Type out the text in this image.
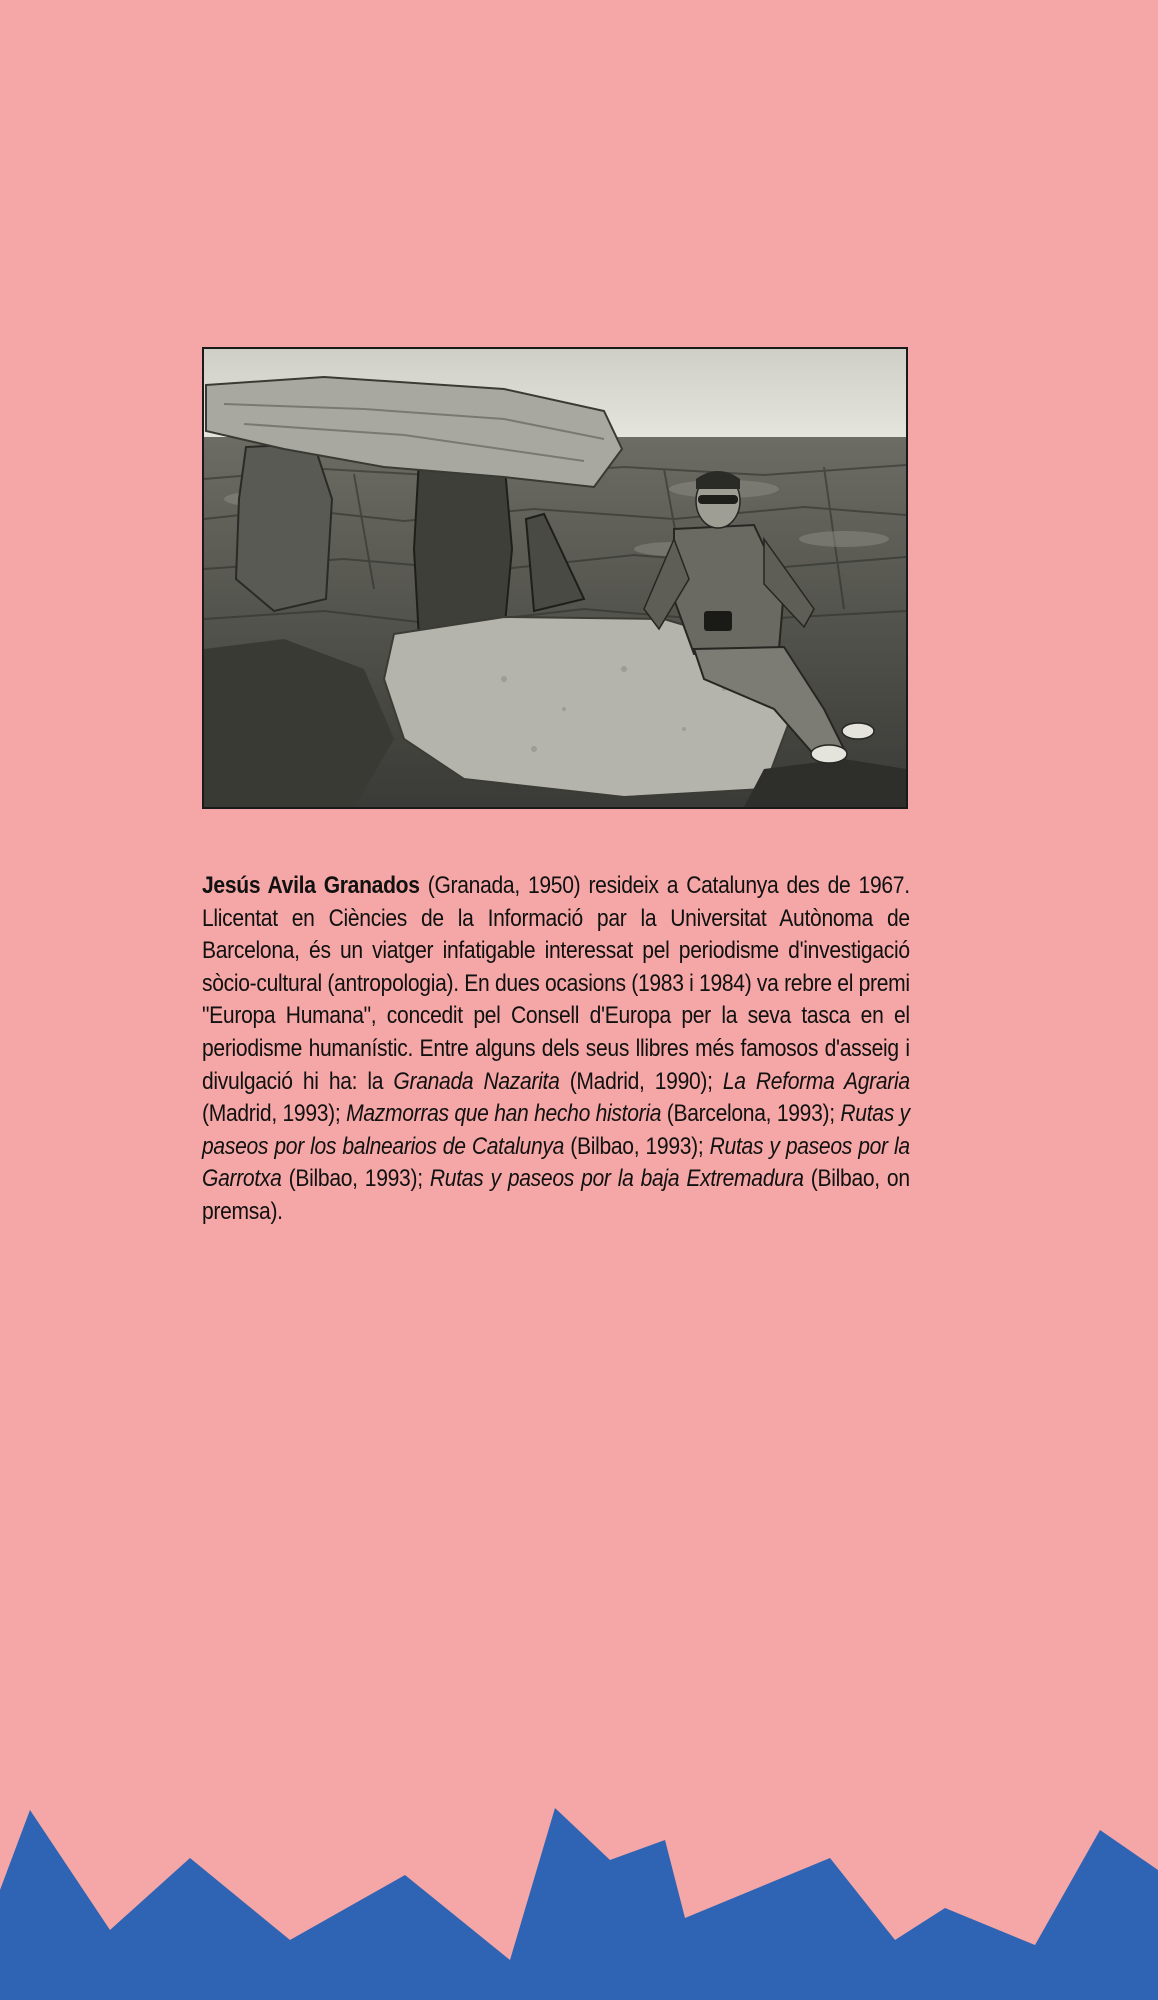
Jesús Avila Granados (Granada, 1950) resideix a Catalunya des de 1967. Llicentat en Ciències de la Informació par la Universitat Autònoma de Barcelona, és un viatger infatigable interessat pel periodisme d'investigació sòcio-cultural (antropologia). En dues ocasions (1983 i 1984) va rebre el premi "Europa Humana", concedit pel Consell d'Europa per la seva tasca en el periodisme humanístic. Entre alguns dels seus llibres més famosos d'asseig i divulgació hi ha: la Granada Nazarita (Madrid, 1990); La Reforma Agraria (Madrid, 1993); Mazmorras que han hecho historia (Barcelona, 1993); Rutas y paseos por los balnearios de Catalunya (Bilbao, 1993); Rutas y paseos por la Garrotxa (Bilbao, 1993); Rutas y paseos por la baja Extremadura (Bilbao, on premsa).
